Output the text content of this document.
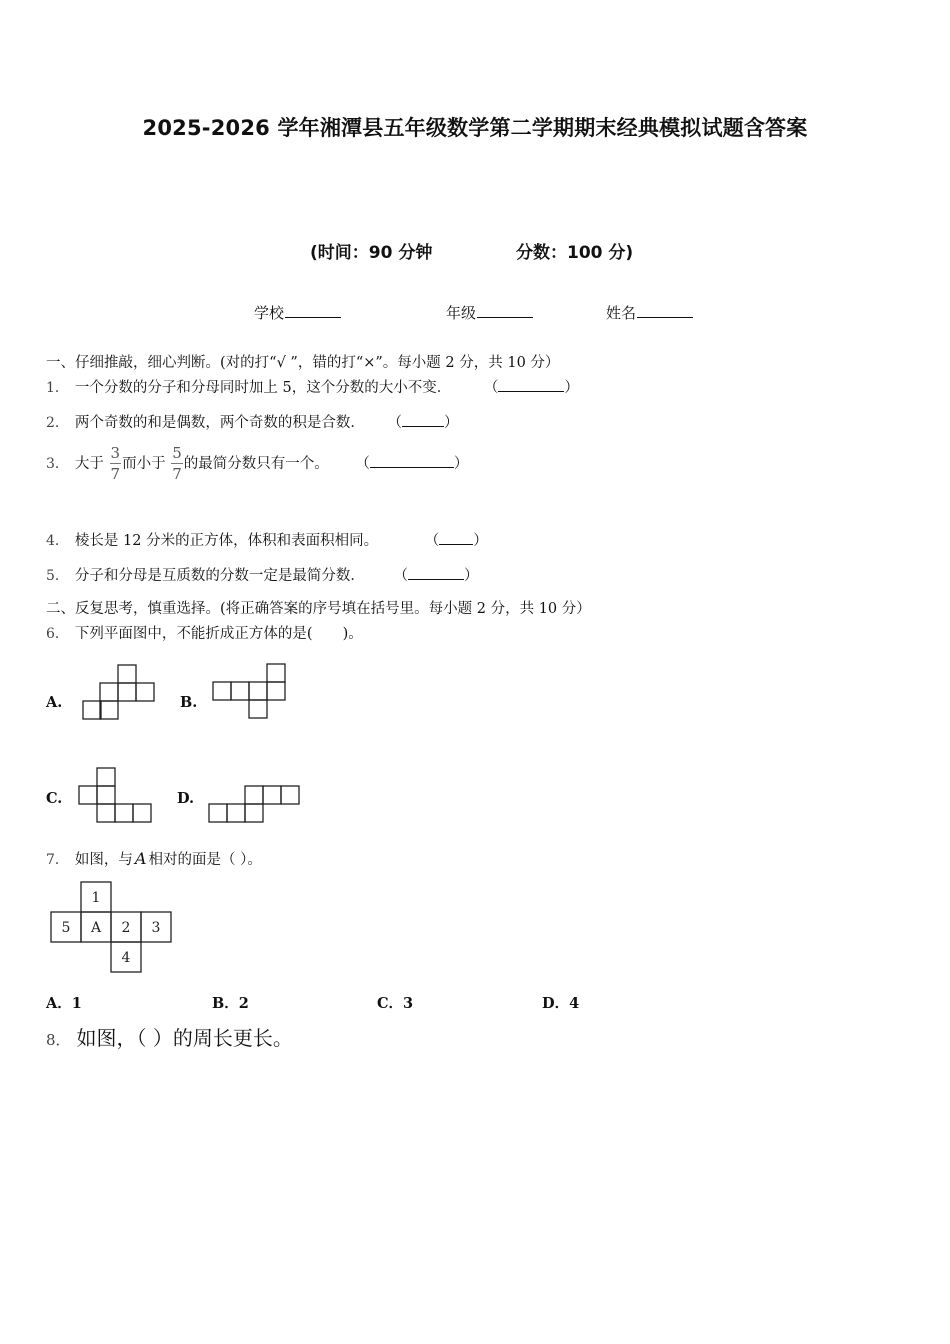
2025-2026 学年湘潭县五年级数学第二学期期末经典模拟试题含答案
(时间：90 分钟	分数：100 分)
学校	年级	姓名
一、仔细推敲，细心判断。(对的打“√ ”，错的打“×”。每小题 2 分，共 10 分）
1． 一个分数的分子和分母同时加上 5，这个分数的大小不变． （	）
2． 两个奇数的和是偶数，两个奇数的积是合数． （	）
3． 大于 $\frac{3}{7}$ 而小于 $\frac{5}{7}$ 的最简分数只有一个。 （	）
4． 棱长是 12 分米的正方体，体积和表面积相同。	（ ）
5． 分子和分母是互质数的分数一定是最简分数． （	）
二、反复思考，慎重选择。(将正确答案的序号填在括号里。每小题 2 分，共 10 分）
6． 下列平面图中，不能折成正方体的是( )。
A.	B.
C.	D.
7． 如图，与 A 相对的面是（ ）。
1
5 A 2 3
4
A．1	B．2	C．3	D．4
8． 如图，（ ）的周长更长。
